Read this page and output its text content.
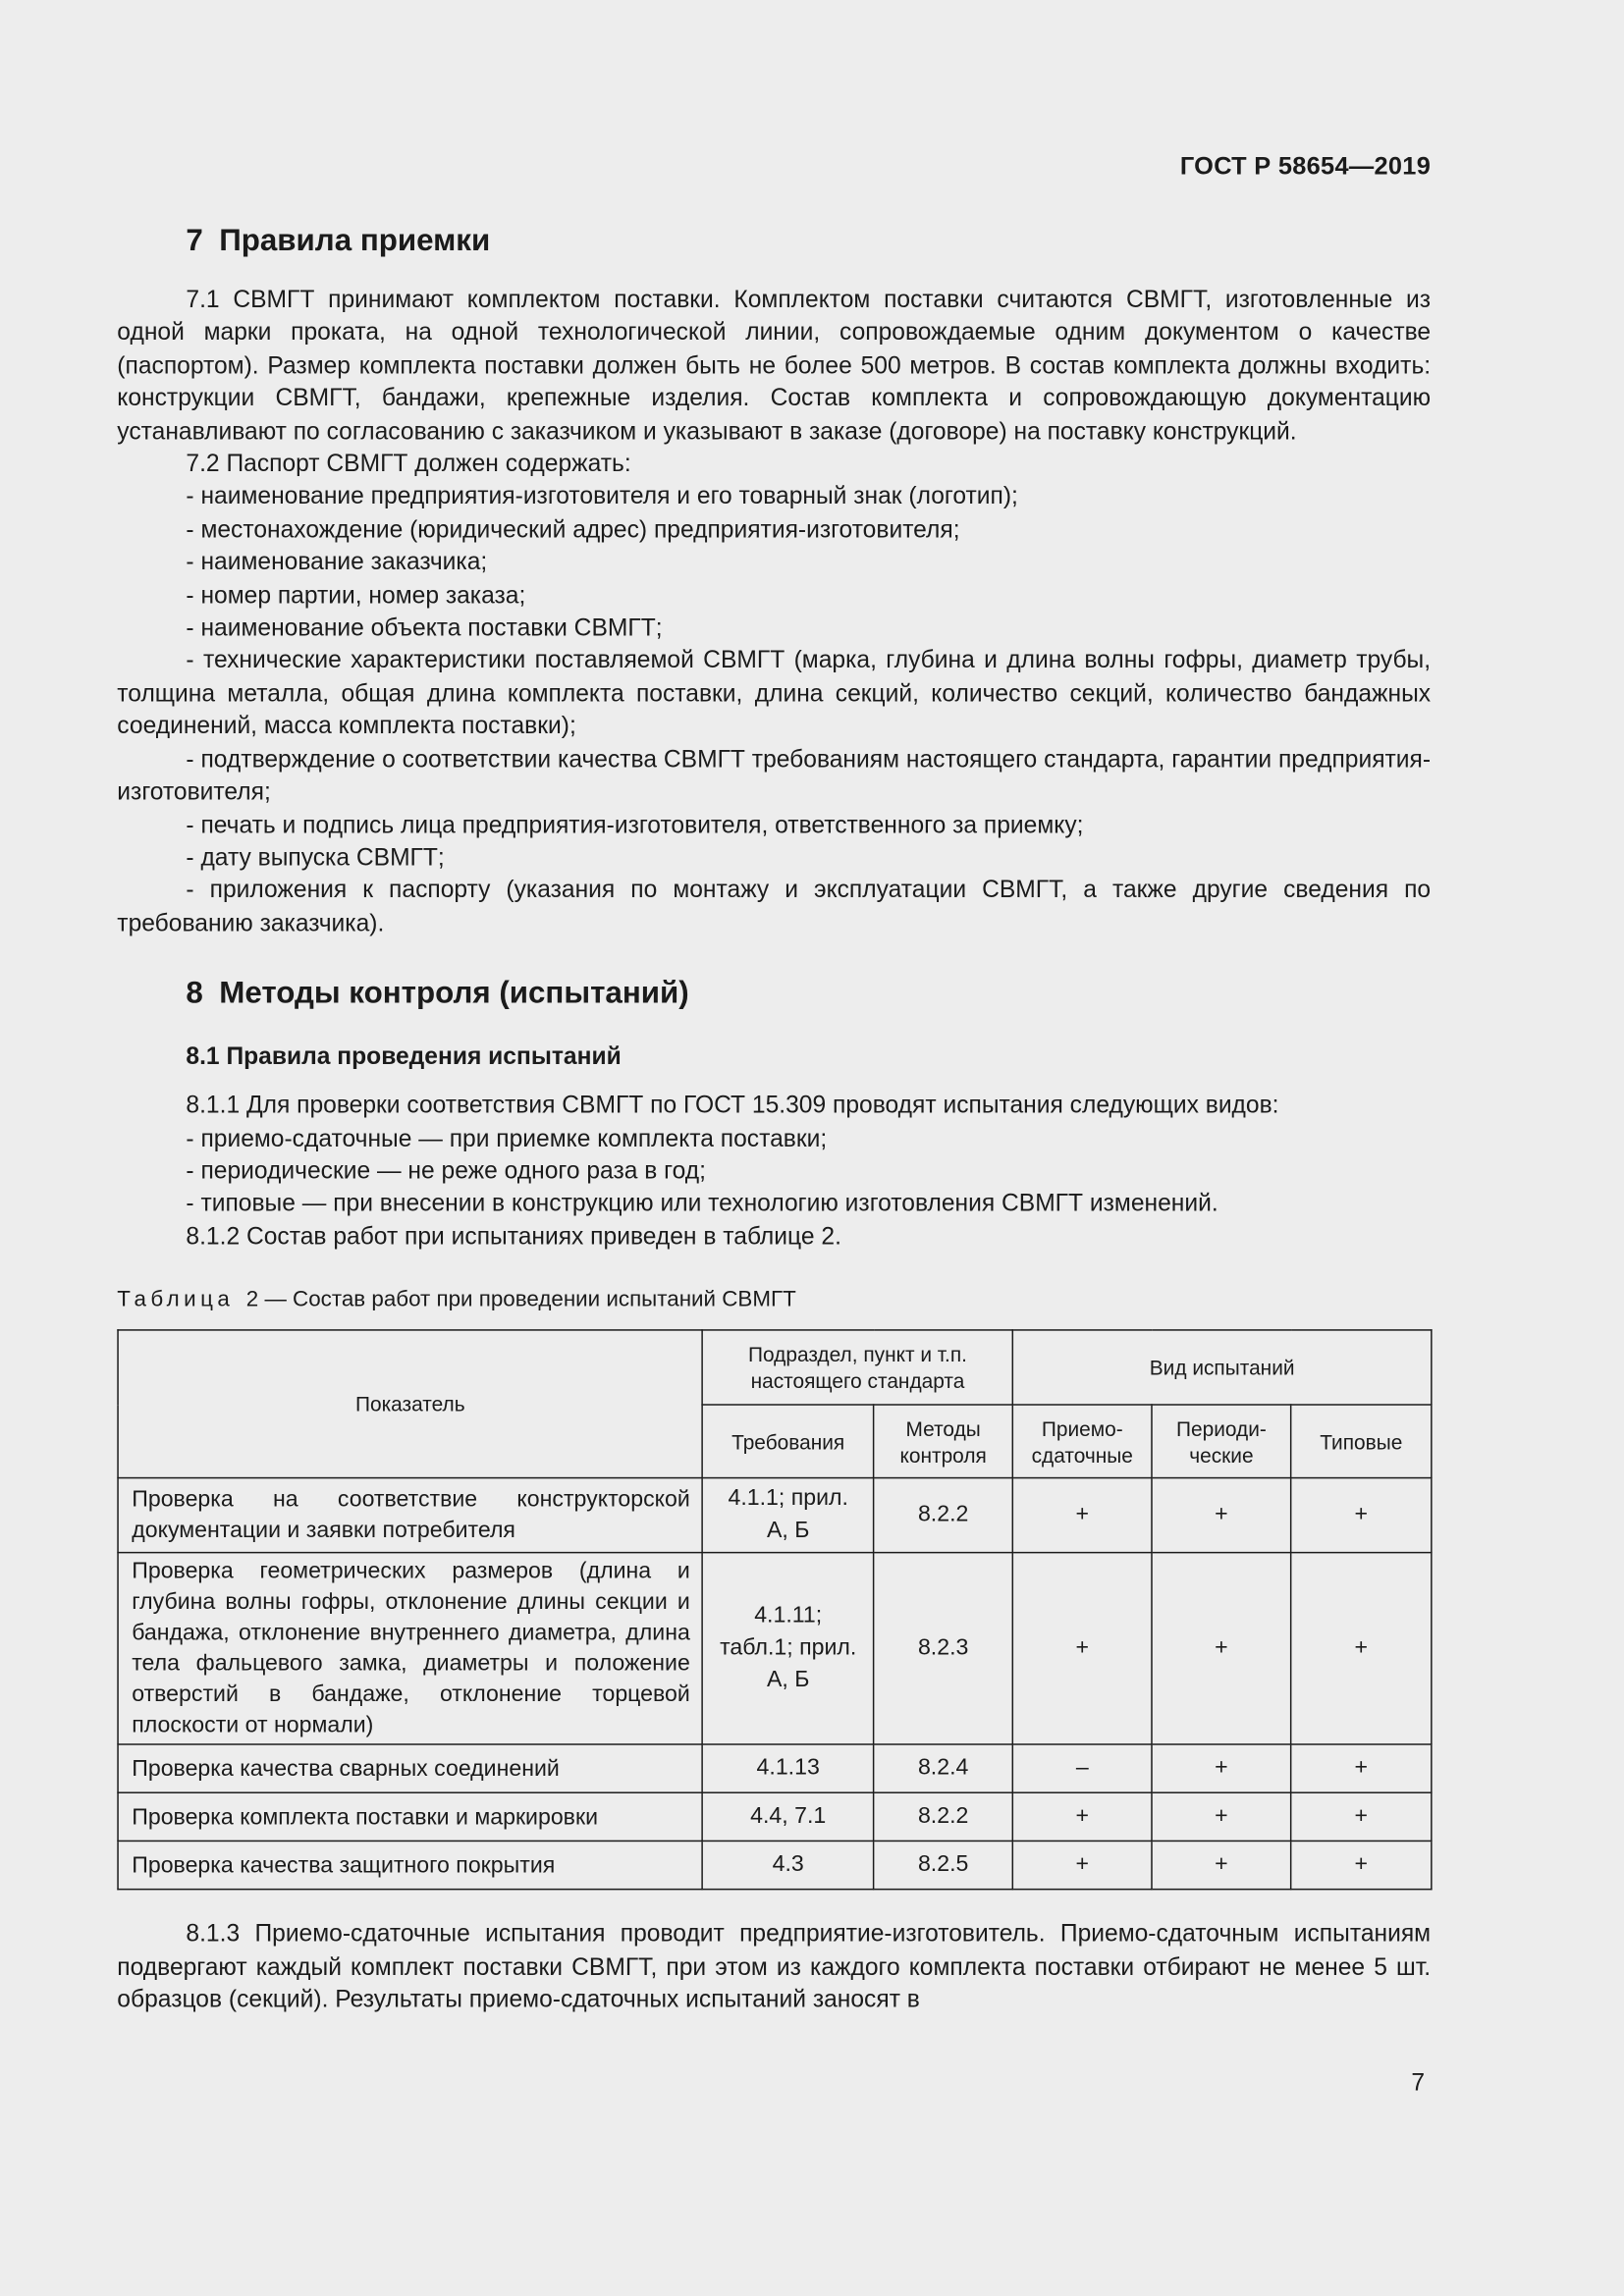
ГОСТ Р 58654—2019
7 Правила приемки

7.1 СВМГТ принимают комплектом поставки. Комплектом поставки считаются СВМГТ, изготовленные из одной марки проката, на одной технологической линии, сопровождаемые одним документом о качестве (паспортом). Размер комплекта поставки должен быть не более 500 метров. В состав комплекта должны входить: конструкции СВМГТ, бандажи, крепежные изделия. Состав комплекта и сопровождающую документацию устанавливают по согласованию с заказчиком и указывают в заказе (договоре) на поставку конструкций.

7.2 Паспорт СВМГТ должен содержать:

- наименование предприятия-изготовителя и его товарный знак (логотип);
- местонахождение (юридический адрес) предприятия-изготовителя;
- наименование заказчика;
- номер партии, номер заказа;
- наименование объекта поставки СВМГТ;
- технические характеристики поставляемой СВМГТ (марка, глубина и длина волны гофры, диаметр трубы, толщина металла, общая длина комплекта поставки, длина секций, количество секций, количество бандажных соединений, масса комплекта поставки);
- подтверждение о соответствии качества СВМГТ требованиям настоящего стандарта, гарантии предприятия-изготовителя;
- печать и подпись лица предприятия-изготовителя, ответственного за приемку;
- дату выпуска СВМГТ;
- приложения к паспорту (указания по монтажу и эксплуатации СВМГТ, а также другие сведения по требованию заказчика).
8 Методы контроля (испытаний)
8.1 Правила проведения испытаний

8.1.1 Для проверки соответствия СВМГТ по ГОСТ 15.309 проводят испытания следующих видов:

- приемо-сдаточные — при приемке комплекта поставки;
- периодические — не реже одного раза в год;
- типовые — при внесении в конструкцию или технологию изготовления СВМГТ изменений.

8.1.2 Состав работ при испытаниях приведен в таблице 2.

Таблица 2 — Состав работ при проведении испытаний СВМГТ
Показатель	Подраздел, пункт и т.п. настоящего стандарта		Вид испытаний		
	Требования	Методы контроля	Приемо-сдаточные	Периоди-ческие	Типовые
Проверка на соответствие конструкторской документации и заявки потребителя	4.1.1; прил. А, Б	8.2.2	+	+	+
Проверка геометрических размеров (длина и глубина волны гофры, отклонение длины секции и бандажа, отклонение внутреннего диаметра, длина тела фальцевого замка, диаметры и положение отверстий в бандаже, отклонение торцевой плоскости от нормали)	4.1.11; табл.1; прил. А, Б	8.2.3	+	+	+
Проверка качества сварных соединений	4.1.13	8.2.4	–	+	+
Проверка комплекта поставки и маркировки	4.4, 7.1	8.2.2	+	+	+
Проверка качества защитного покрытия	4.3	8.2.5	+	+	+

8.1.3 Приемо-сдаточные испытания проводит предприятие-изготовитель. Приемо-сдаточным испытаниям подвергают каждый комплект поставки СВМГТ, при этом из каждого комплекта поставки отбирают не менее 5 шт. образцов (секций). Результаты приемо-сдаточных испытаний заносят в

7
